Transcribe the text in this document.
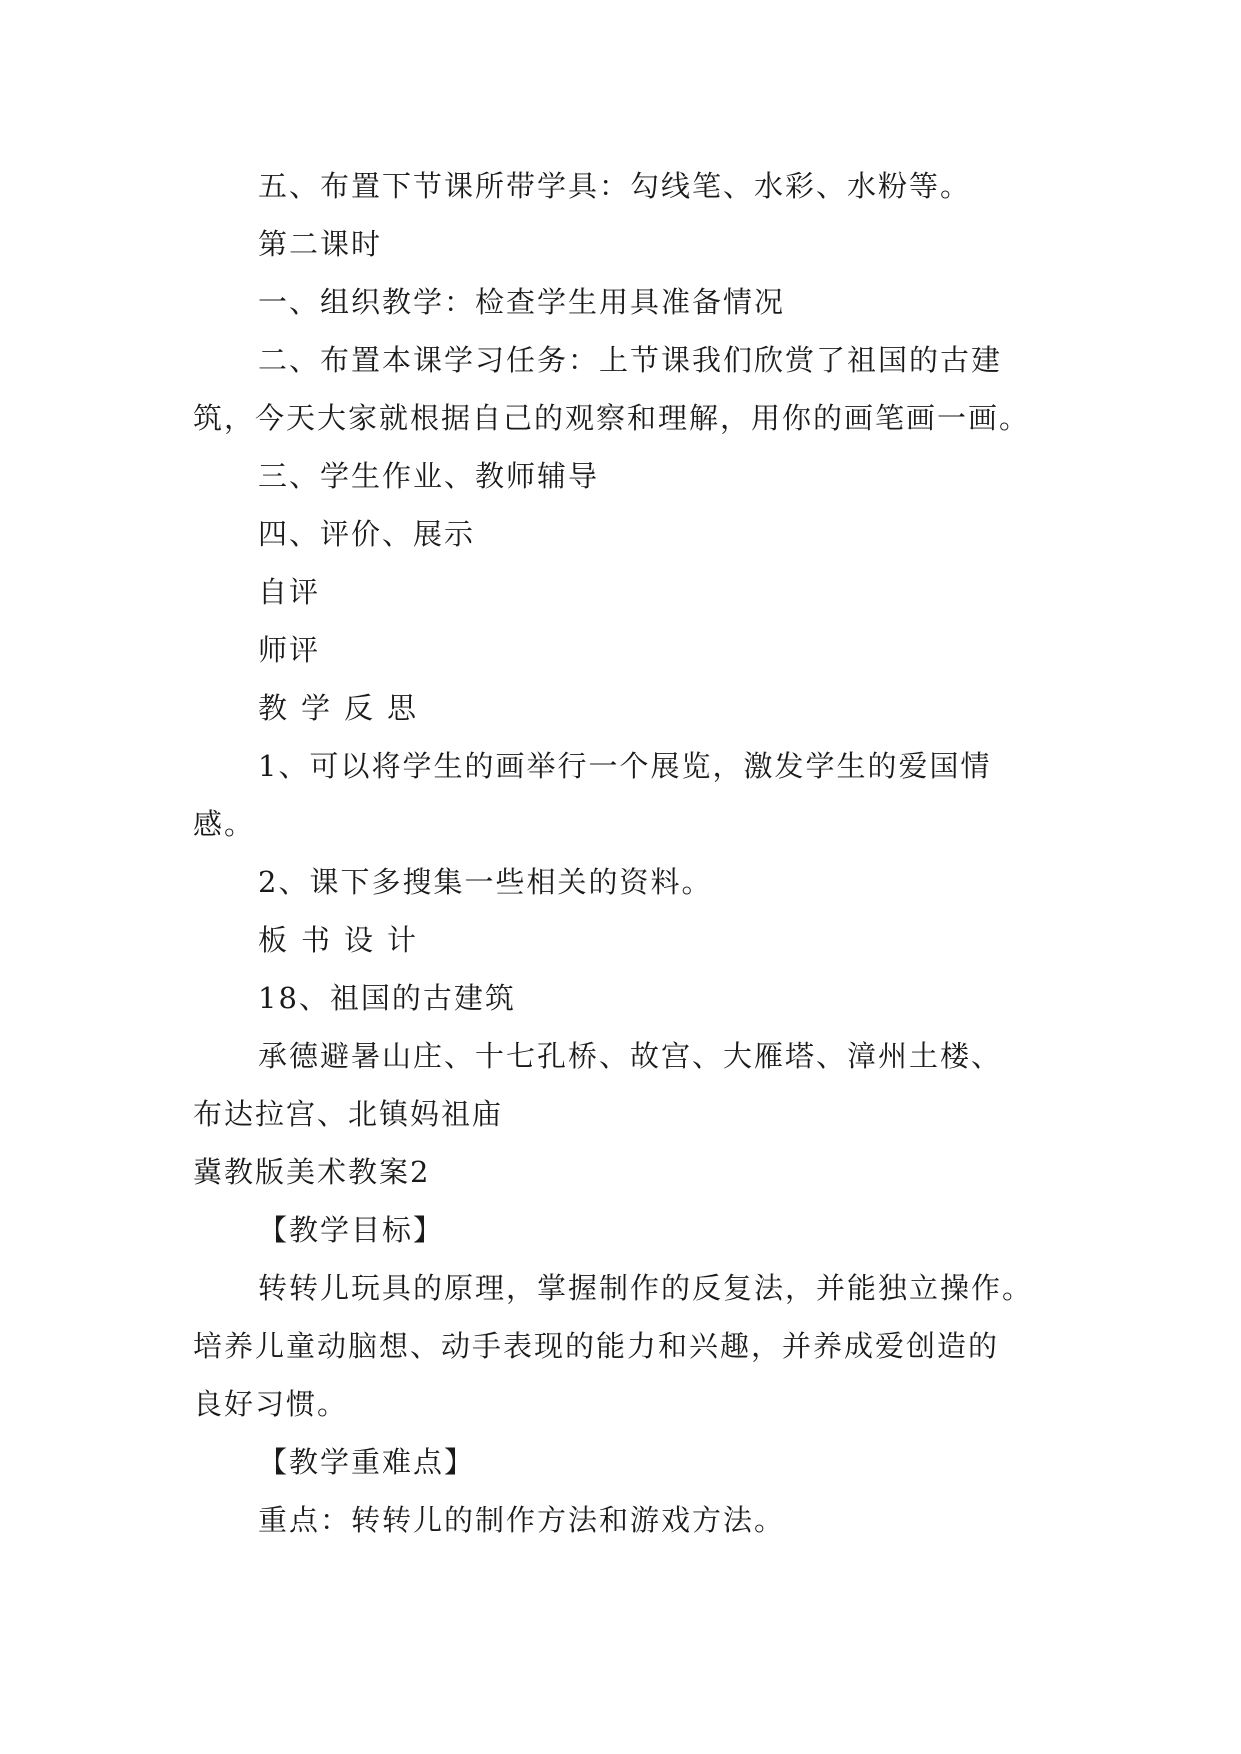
五、布置下节课所带学具：勾线笔、水彩、水粉等。
第二课时
一、组织教学：检查学生用具准备情况
二、布置本课学习任务：上节课我们欣赏了祖国的古建
筑，今天大家就根据自己的观察和理解，用你的画笔画一画。
三、学生作业、教师辅导
四、评价、展示
自评
师评
教学反思
1、可以将学生的画举行一个展览，激发学生的爱国情
感。
2、课下多搜集一些相关的资料。
板书设计
18、祖国的古建筑
承德避暑山庄、十七孔桥、故宫、大雁塔、漳州土楼、
布达拉宫、北镇妈祖庙
冀教版美术教案2
【教学目标】
转转儿玩具的原理，掌握制作的反复法，并能独立操作。
培养儿童动脑想、动手表现的能力和兴趣，并养成爱创造的
良好习惯。
【教学重难点】
重点：转转儿的制作方法和游戏方法。
